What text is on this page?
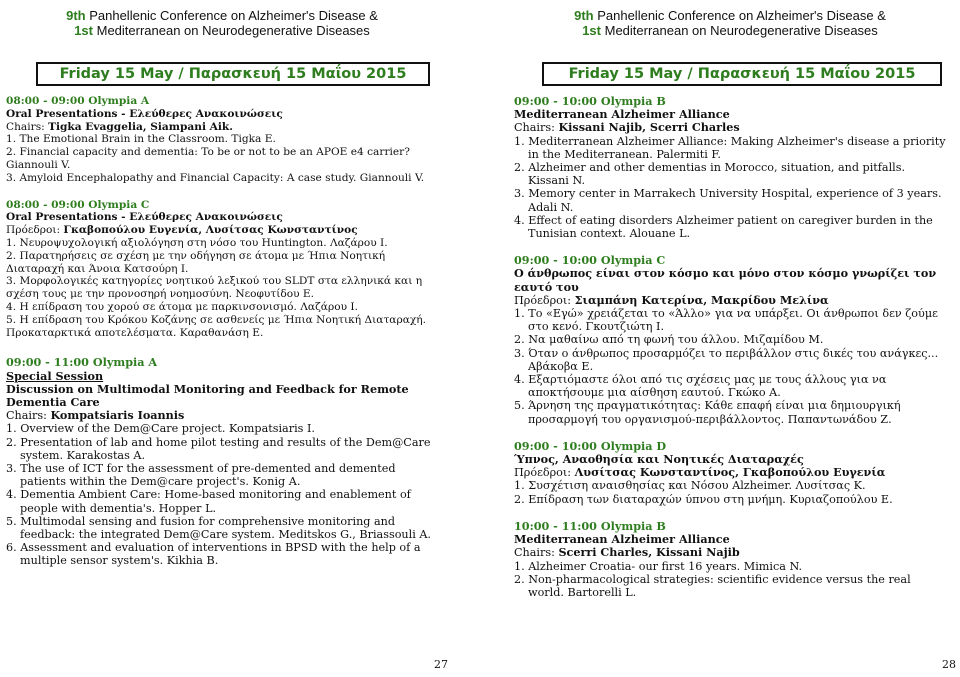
9th Panhellenic Conference on Alzheimer's Disease &
1st Mediterranean on Neurodegenerative Diseases
Friday 15 May / Παρασκευή 15 Μαΐου 2015

08:00 - 09:00 Olympia A

Oral Presentations - Ελεύθερες Ανακοινώσεις

Chairs: Tigka Evaggelia, Siampani Aik.

1. The Emotional Brain in the Classroom. Tigka E.

2. Financial capacity and dementia: To be or not to be an APOE e4 carrier? Giannouli V.

3. Amyloid Encephalopathy and Financial Capacity: A case study. Giannouli V.

08:00 - 09:00 Olympia C

Oral Presentations - Ελεύθερες Ανακοινώσεις

Πρόεδροι: Γκαβοπούλου Ευγενία, Λυσίτσας Κωνσταντίνος

1. Νευροψυχολογική αξιολόγηση στη νόσο του Huntington. Λαζάρου Ι.

2. Παρατηρήσεις σε σχέση με την οδήγηση σε άτομα με Ήπια Νοητική Διαταραχή και Άνοια Κατσούρη Ι.

3. Μορφολογικές κατηγορίες νοητικού λεξικού του SLDT στα ελληνικά και η σχέση τους με την προνοσηρή νοημοσύνη. Νεοφυτίδου Ε.

4. Η επίδραση του χορού σε άτομα με παρκινσονισμό. Λαζάρου Ι.

5. Η επίδραση του Κρόκου Κοζάνης σε ασθενείς με Ήπια Νοητική Διαταραχή. Προκαταρκτικά αποτελέσματα. Καραθανάση Ε.

09:00 - 11:00 Olympia A

Special Session

Discussion on Multimodal Monitoring and Feedback for Remote Dementia Care

Chairs: Kompatsiaris Ioannis

1. Overview of the Dem@Care project. Kompatsiaris I.

2. Presentation of lab and home pilot testing and results of the Dem@Care system. Karakostas A.

3. The use of ICT for the assessment of pre-demented and demented patients within the Dem@care project's. Konig A.

4. Dementia Ambient Care: Home-based monitoring and enablement of people with dementia's. Hopper L.

5. Multimodal sensing and fusion for comprehensive monitoring and feedback: the integrated Dem@Care system. Meditskos G., Briassouli A.

6. Assessment and evaluation of interventions in BPSD with the help of a multiple sensor system's. Kikhia B.

27
9th Panhellenic Conference on Alzheimer's Disease &
1st Mediterranean on Neurodegenerative Diseases
Friday 15 May / Παρασκευή 15 Μαΐου 2015

09:00 - 10:00 Olympia B

Mediterranean Alzheimer Alliance

Chairs: Kissani Najib, Scerri Charles

1. Mediterranean Alzheimer Alliance: Making Alzheimer's disease a priority in the Mediterranean. Palermiti F.

2. Alzheimer and other dementias in Morocco, situation, and pitfalls. Kissani N.

3. Memory center in Marrakech University Hospital, experience of 3 years. Adali N.

4. Effect of eating disorders Alzheimer patient on caregiver burden in the Tunisian context. Alouane L.

09:00 - 10:00 Olympia C

Ο άνθρωπος είναι στον κόσμο και μόνο στον κόσμο γνωρίζει τον εαυτό του

Πρόεδροι: Σιαμπάνη Κατερίνα, Μακρίδου Μελίνα

1. Το «Εγώ» χρειάζεται το «Άλλο» για να υπάρξει. Οι άνθρωποι δεν ζούμε στο κενό. Γκουτζιώτη Ι.

2. Να μαθαίνω από τη φωνή του άλλου. Μιζαμίδου Μ.

3. Όταν ο άνθρωπος προσαρμόζει το περιβάλλον στις δικές του ανάγκες... Αβάκοβα Ε.

4. Εξαρτιόμαστε όλοι από τις σχέσεις μας με τους άλλους για να αποκτήσουμε μια αίσθηση εαυτού. Γκώκο Α.

5. Άρνηση της πραγματικότητας: Κάθε επαφή είναι μια δημιουργική προσαρμογή του οργανισμού-περιβάλλοντος. Παπαντωνάδου Ζ.

09:00 - 10:00 Olympia D

Ύπνος, Αναοθησία και Νοητικές Διαταραχές

Πρόεδροι: Λυσίτσας Κωνσταντίνος, Γκαβοπούλου Ευγενία

1. Συσχέτιση αναισθησίας και Νόσου Alzheimer. Λυσίτσας Κ.

2. Επίδραση των διαταραχών ύπνου στη μνήμη. Κυριαζοπούλου Ε.

10:00 - 11:00 Olympia B

Mediterranean Alzheimer Alliance

Chairs: Scerri Charles, Kissani Najib

1. Alzheimer Croatia- our first 16 years. Mimica N.

2. Non-pharmacological strategies: scientific evidence versus the real world. Bartorelli L.

28
